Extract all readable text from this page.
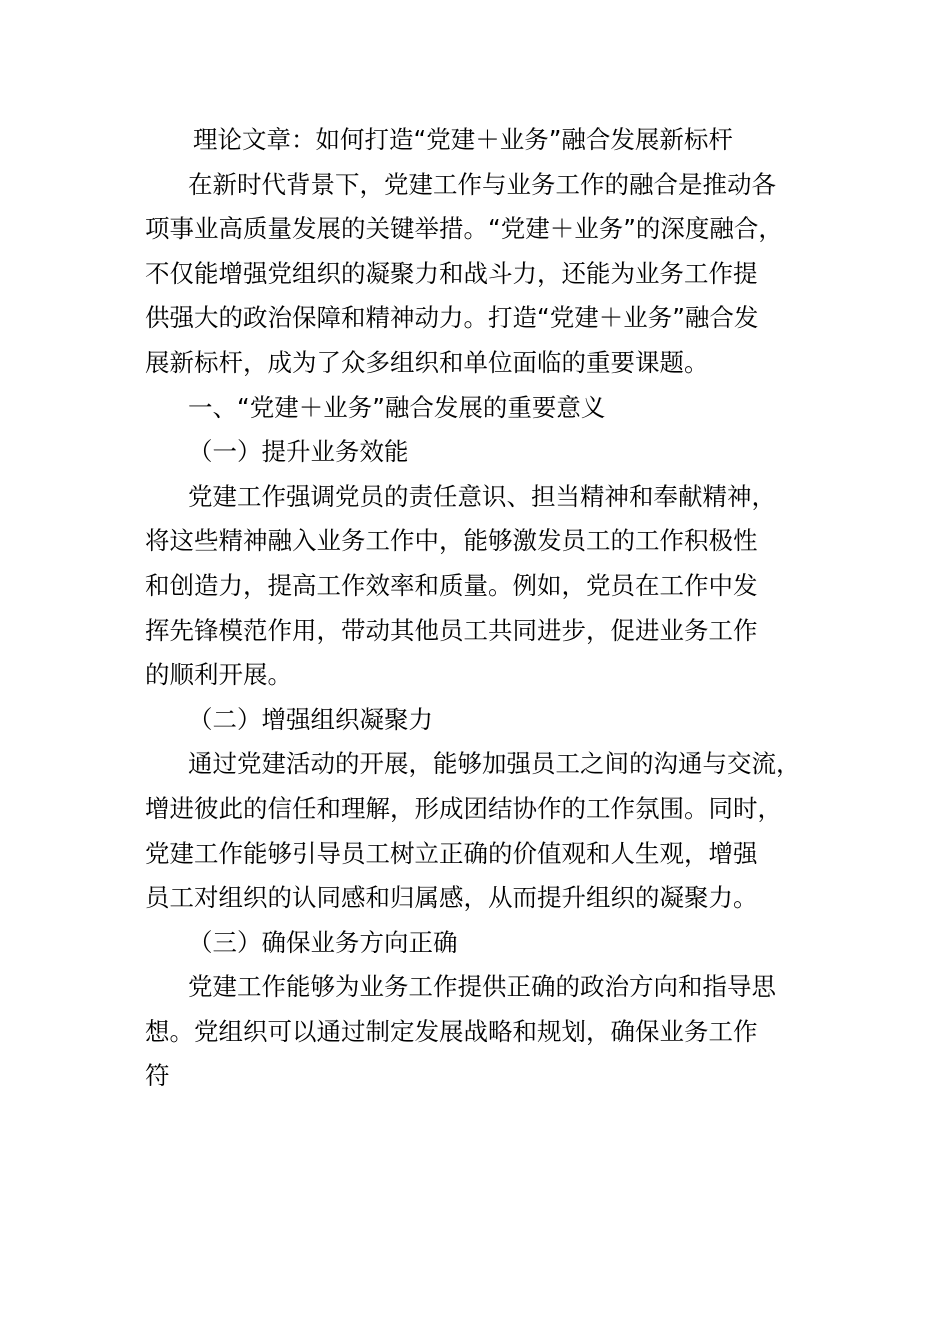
理论文章：如何打造“党建＋业务”融合发展新标杆
在新时代背景下，党建工作与业务工作的融合是推动各
项事业高质量发展的关键举措。“党建＋业务”的深度融合，
不仅能增强党组织的凝聚力和战斗力，还能为业务工作提
供强大的政治保障和精神动力。打造“党建＋业务”融合发
展新标杆，成为了众多组织和单位面临的重要课题。
一、“党建＋业务”融合发展的重要意义
（一）提升业务效能
党建工作强调党员的责任意识、担当精神和奉献精神，
将这些精神融入业务工作中，能够激发员工的工作积极性
和创造力，提高工作效率和质量。例如，党员在工作中发
挥先锋模范作用，带动其他员工共同进步，促进业务工作
的顺利开展。
（二）增强组织凝聚力
通过党建活动的开展，能够加强员工之间的沟通与交流，
增进彼此的信任和理解，形成团结协作的工作氛围。同时，
党建工作能够引导员工树立正确的价值观和人生观，增强
员工对组织的认同感和归属感，从而提升组织的凝聚力。
（三）确保业务方向正确
党建工作能够为业务工作提供正确的政治方向和指导思
想。党组织可以通过制定发展战略和规划，确保业务工作
符
